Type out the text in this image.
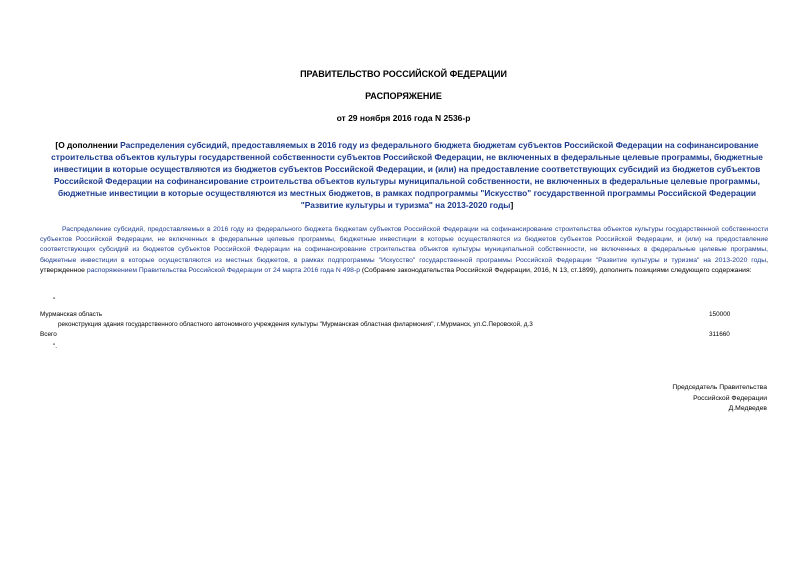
ПРАВИТЕЛЬСТВО РОССИЙСКОЙ ФЕДЕРАЦИИ
РАСПОРЯЖЕНИЕ
от 29 ноября 2016 года N 2536-р
[О дополнении Распределения субсидий, предоставляемых в 2016 году из федерального бюджета бюджетам субъектов Российской Федерации на софинансирование строительства объектов культуры государственной собственности субъектов Российской Федерации, не включенных в федеральные целевые программы, бюджетные инвестиции в которые осуществляются из бюджетов субъектов Российской Федерации, и (или) на предоставление соответствующих субсидий из бюджетов субъектов Российской Федерации на софинансирование строительства объектов культуры муниципальной собственности, не включенных в федеральные целевые программы, бюджетные инвестиции в которые осуществляются из местных бюджетов, в рамках подпрограммы "Искусство" государственной программы Российской Федерации "Развитие культуры и туризма" на 2013-2020 годы]
Распределение субсидий, предоставляемых в 2016 году из федерального бюджета бюджетам субъектов Российской Федерации на софинансирование строительства объектов культуры государственной собственности субъектов Российской Федерации, не включенных в федеральные целевые программы, бюджетные инвестиции в которые осуществляются из бюджетов субъектов Российской Федерации, и (или) на предоставление соответствующих субсидий из бюджетов субъектов Российской Федерации на софинансирование строительства объектов культуры муниципальной собственности, не включенных в федеральные целевые программы, бюджетные инвестиции в которые осуществляются из местных бюджетов, в рамках подпрограммы "Искусство" государственной программы Российской Федерации "Развитие культуры и туризма" на 2013-2020 годы, утвержденное распоряжением Правительства Российской Федерации от 24 марта 2016 года N 498-р (Собрание законодательства Российской Федерации, 2016, N 13, ст.1899), дополнить позициями следующего содержания:
"
Мурманская область	150000
реконструкция здания государственного областного автономного учреждения культуры "Мурманская областная филармония", г.Мурманск, ул.С.Перовской, д.3
Всего	311660
".
Председатель Правительства
Российской Федерации
Д.Медведев
